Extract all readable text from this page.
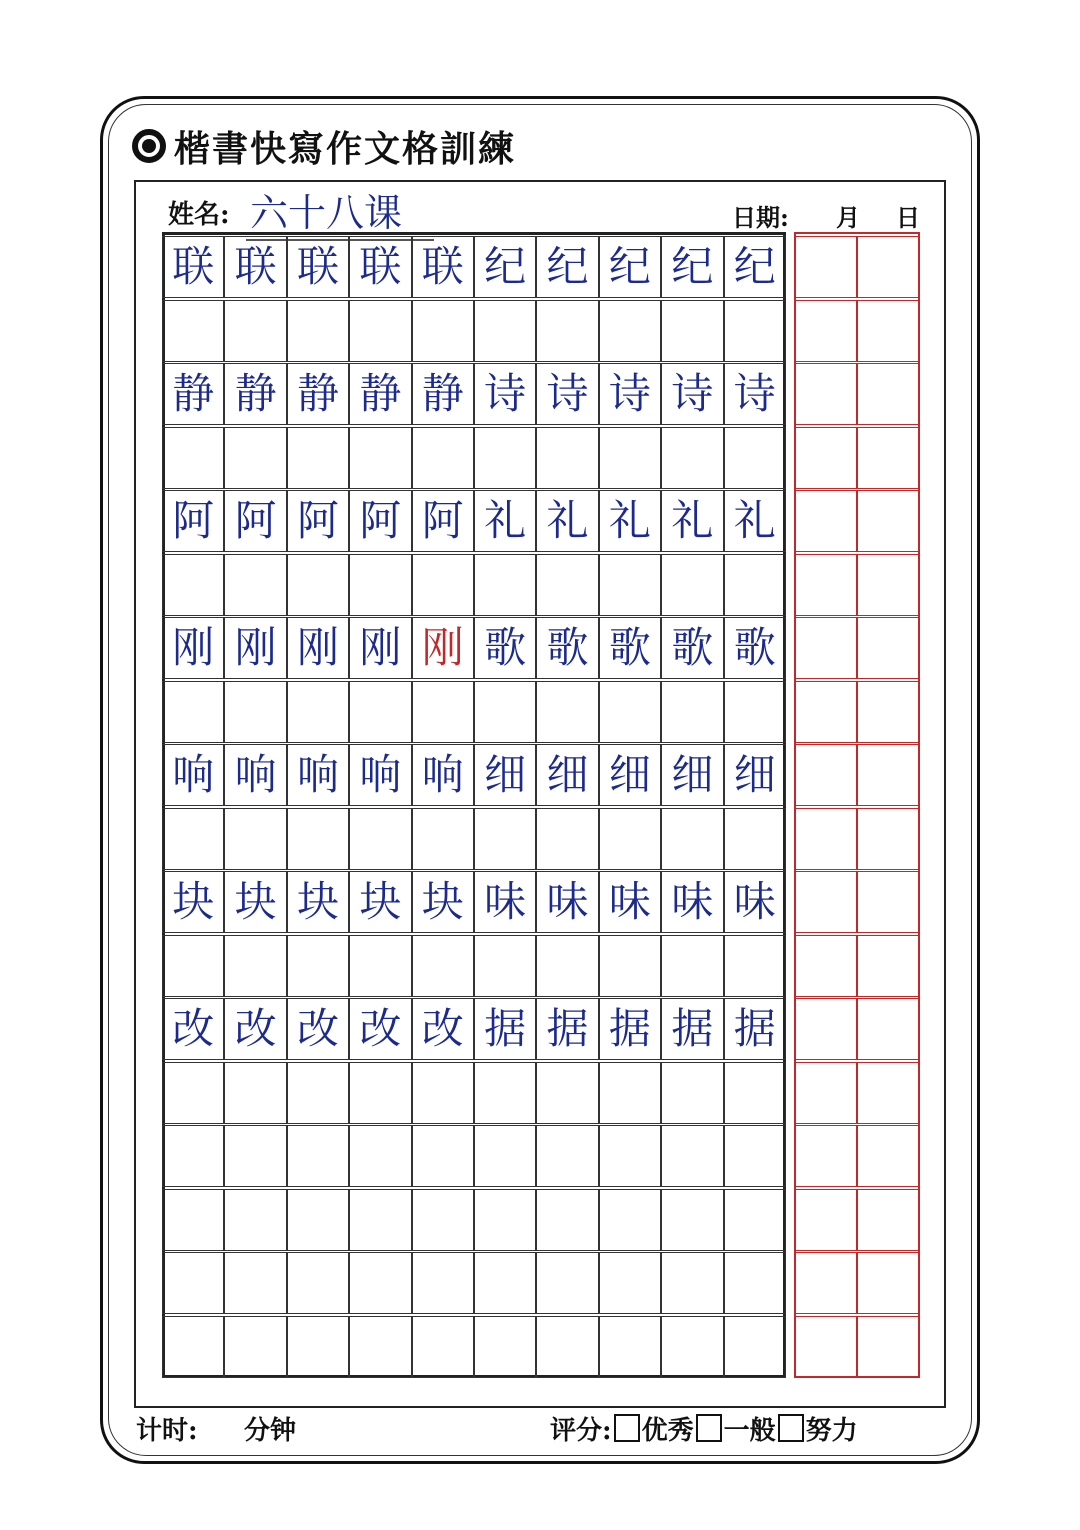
楷書快寫作文格訓練
姓名: 六十八课	日期: 月 日
联 联 联 联 联 纪 纪 纪 纪 纪
静 静 静 静 静 诗 诗 诗 诗 诗
阿 阿 阿 阿 阿 礼 礼 礼 礼 礼
刚 刚 刚 刚 刚 歌 歌 歌 歌 歌
响 响 响 响 响 细 细 细 细 细
块 块 块 块 块 味 味 味 味 味
改 改 改 改 改 据 据 据 据 据
计时: 分钟	评分: 优秀 一般 努力
